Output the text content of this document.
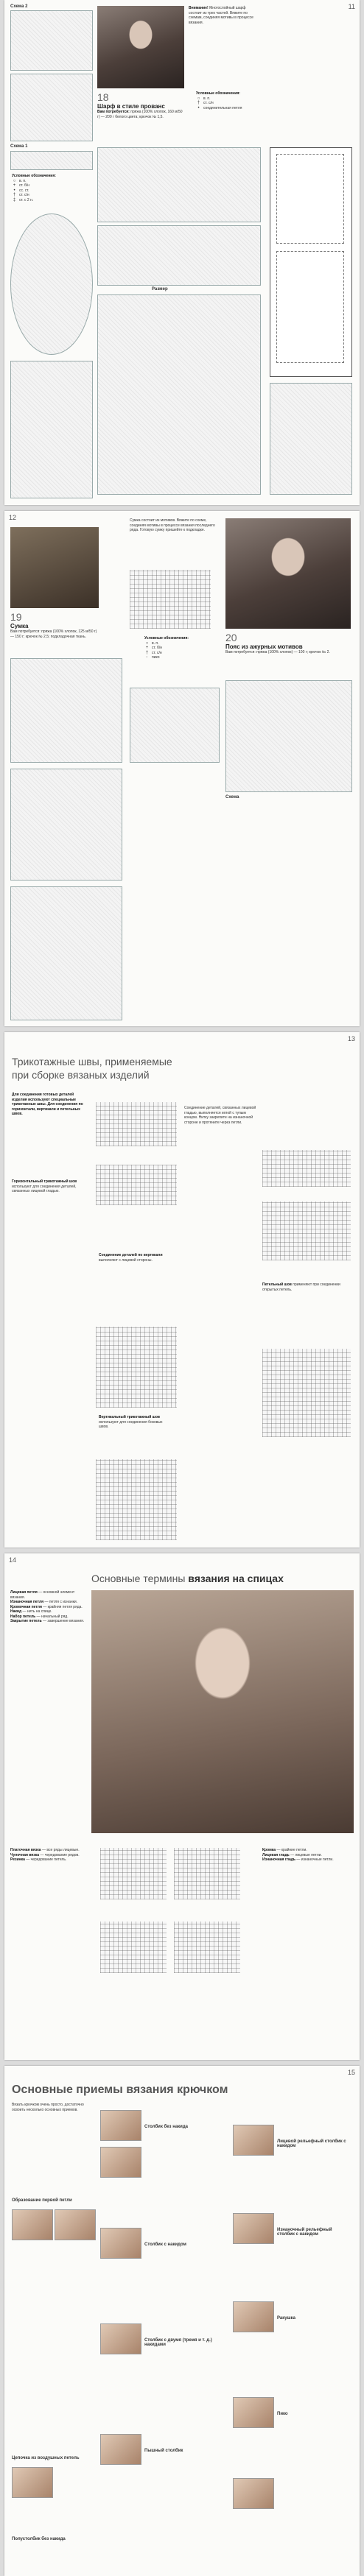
11
Схема 2
Схема 1
Условные обозначения:
○ в. п.
+ ст. б/н
•	сс. ст.
† ст. с/н
‡ ст. с 2 н.
18
Шарф в стиле прованс
Вам потребуется: пряжа (100% хлопок, 160 м/50 г) — 200 г белого цвета; крючок № 1,5.
Условные обозначения:
○ в. п.
† ст. с/н
•	соединительная петля
Внимание! Многослойный шарф состоит из трех частей. Вяжите по схемам, соединяя мотивы в процессе вязания.
Размер
12
19
Сумка
Вам потребуется: пряжа (100% хлопок, 125 м/50 г) — 150 г; крючок № 2,5; подкладочная ткань.
Сумка состоит из мотивов. Вяжите по схеме, соединяя мотивы в процессе вязания последнего ряда. Готовую сумку пришейте к подкладке.
Условные обозначения:
○ в. п.
+ ст. б/н
† ст. с/н
◦	пико
20
Пояс из ажурных мотивов
Вам потребуется: пряжа (100% хлопок) — 100 г; крючок № 2.
Схема
13
Трикотажные швы, применяемые
при сборке вязаных изделий
Для соединения готовых деталей изделия используют специальные трикотажные швы. Для соединения по горизонтали, вертикали и петельных швов.
Горизонтальный трикотажный шов используют для соединения деталей, связанных лицевой гладью.
Соединение деталей по вертикали выполняют с лицевой стороны.
Вертикальный трикотажный шов используют для соединения боковых швов.
Петельный шов применяют при соединении открытых петель.
Соединение деталей, связанных лицевой гладью, выполняется иглой с тупым концом. Нитку закрепите на изнаночной стороне и протяните через петли.
14
Основные термины вязания на спицах
Лицевая петля — основной элемент вязания.
Изнаночная петля — петля с изнанки.
Кромочная петля — крайняя петля ряда.
Накид — нить на спице.
Набор петель — начальный ряд.
Закрытие петель — завершение вязания.
Платочная вязка — все ряды лицевые.
Чулочная вязка — чередование рядов.
Резинка — чередование петель.
Кромка — крайние петли.
Лицевая гладь — лицевые петли.
Изнаночная гладь — изнаночные петли.
15
Основные приемы вязания крючком
Вязать крючком очень просто, достаточно освоить несколько основных приемов.
Образование первой петли
Цепочка из воздушных петель
Полустолбик без накида
Столбик без накида
Столбик с накидом
Столбик с двумя (тремя и т. д.) накидами
Пышный столбик
Лицевой рельефный столбик с накидом
Изнаночный рельефный столбик с накидом
Ракушка
Пико
